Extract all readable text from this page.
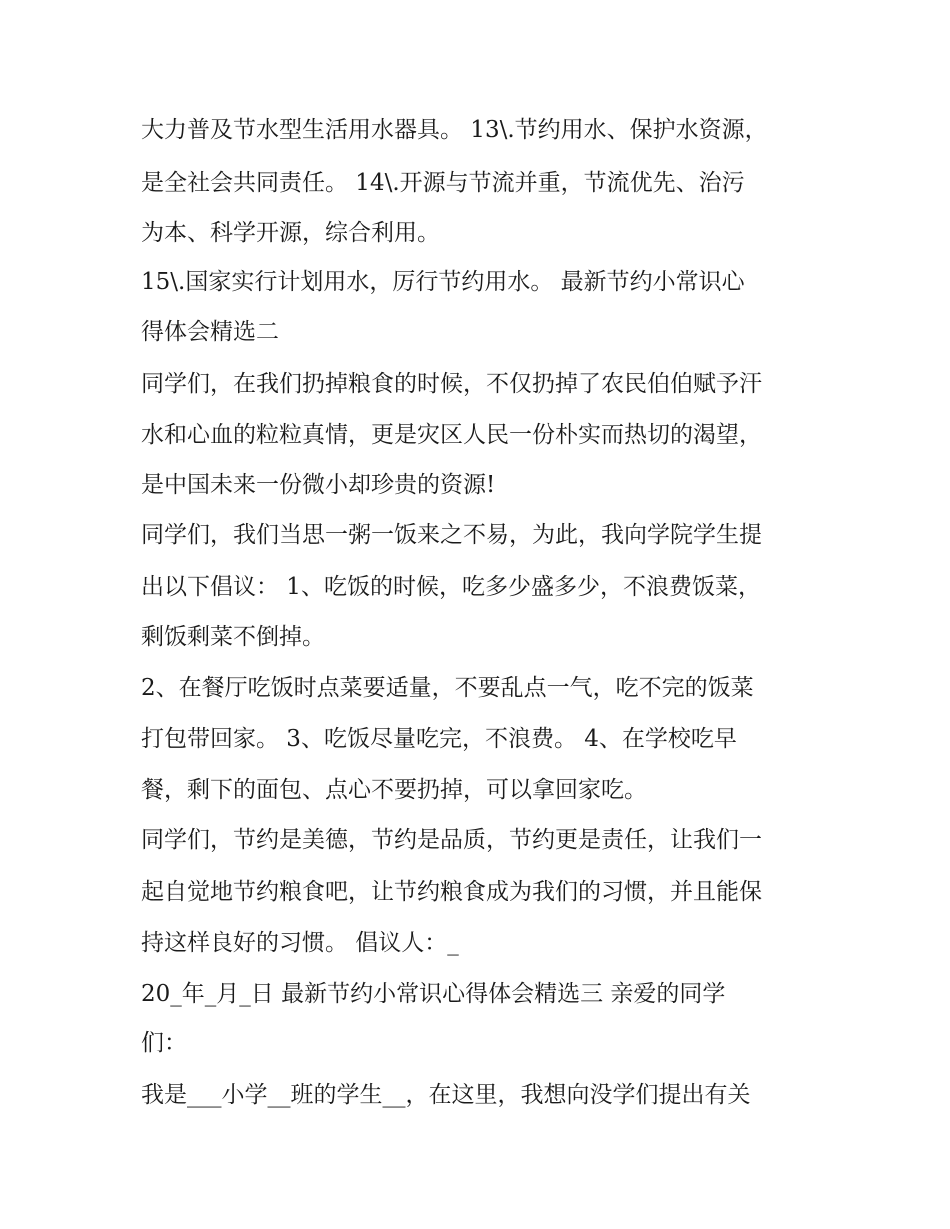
大力普及节水型生活用水器具。 13\.节约用水、保护水资源，
是全社会共同责任。 14\.开源与节流并重，节流优先、治污
为本、科学开源，综合利用。
15\.国家实行计划用水，厉行节约用水。 最新节约小常识心
得体会精选二
同学们，在我们扔掉粮食的时候，不仅扔掉了农民伯伯赋予汗
水和心血的粒粒真情，更是灾区人民一份朴实而热切的渴望，
是中国未来一份微小却珍贵的资源!
同学们，我们当思一粥一饭来之不易，为此，我向学院学生提
出以下倡议： 1、吃饭的时候，吃多少盛多少，不浪费饭菜，
剩饭剩菜不倒掉。
2、在餐厅吃饭时点菜要适量，不要乱点一气，吃不完的饭菜
打包带回家。 3、吃饭尽量吃完，不浪费。 4、在学校吃早
餐，剩下的面包、点心不要扔掉，可以拿回家吃。
同学们，节约是美德，节约是品质，节约更是责任，让我们一
起自觉地节约粮食吧，让节约粮食成为我们的习惯，并且能保
持这样良好的习惯。 倡议人：_
20_年_月_日 最新节约小常识心得体会精选三 亲爱的同学
们：
我是___小学__班的学生__，在这里，我想向没学们提出有关
